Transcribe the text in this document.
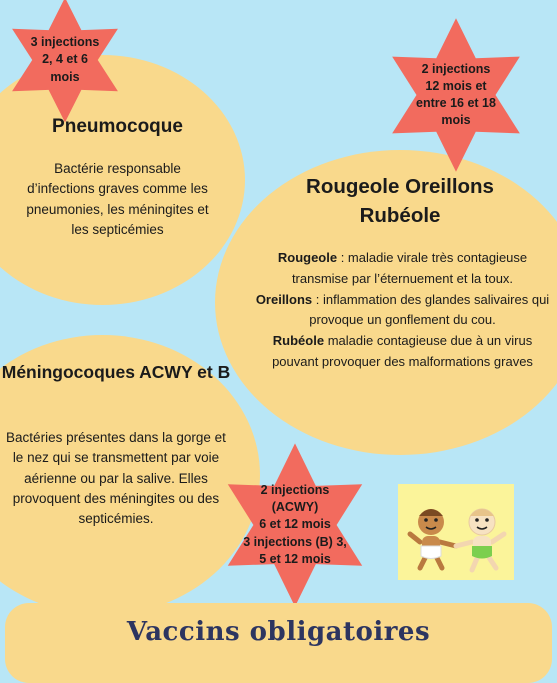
Pneumocoque
Bactérie responsable d’infections graves comme les pneumonies, les méningites et les septicémies
Rougeole Oreillons Rubéole

Rougeole : maladie virale très contagieuse transmise par l’éternuement et la toux.

Oreillons : inflammation des glandes salivaires qui provoque un gonflement du cou.

Rubéole maladie contagieuse due à un virus pouvant provoquer des malformations graves

Méningocoques ACWY et B
Bactéries présentes dans la gorge et le nez qui se transmettent par voie aérienne ou par la salive. Elles provoquent des méningites ou des septicémies.
3 injections
2, 4 et 6
mois
2 injections
12 mois et
entre 16 et 18
mois
2 injections
(ACWY)
6 et 12 mois
3 injections (B) 3,
5 et 12 mois
Vaccins obligatoires
